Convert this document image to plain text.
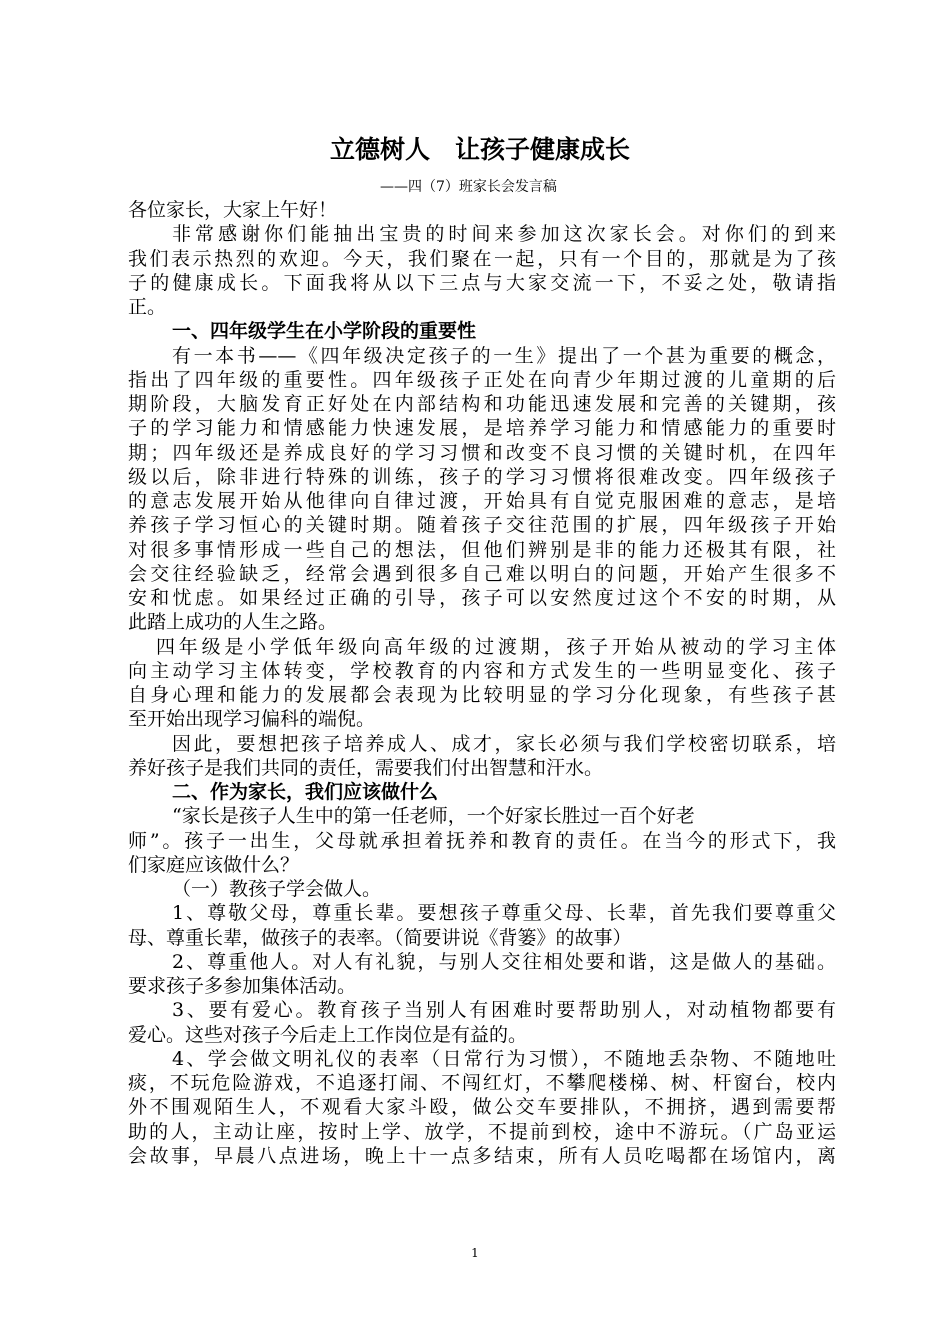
立德树人　让孩子健康成长
——四（7）班家长会发言稿
各位家长，大家上午好！
非常感谢你们能抽出宝贵的时间来参加这次家长会。对你们的到来
我们表示热烈的欢迎。今天，我们聚在一起，只有一个目的，那就是为了孩
子的健康成长。下面我将从以下三点与大家交流一下，不妥之处，敬请指
正。
一、四年级学生在小学阶段的重要性
有一本书——《四年级决定孩子的一生》提出了一个甚为重要的概念，
指出了四年级的重要性。四年级孩子正处在向青少年期过渡的儿童期的后
期阶段，大脑发育正好处在内部结构和功能迅速发展和完善的关键期，孩
子的学习能力和情感能力快速发展，是培养学习能力和情感能力的重要时
期；四年级还是养成良好的学习习惯和改变不良习惯的关键时机，在四年
级以后，除非进行特殊的训练，孩子的学习习惯将很难改变。四年级孩子
的意志发展开始从他律向自律过渡，开始具有自觉克服困难的意志，是培
养孩子学习恒心的关键时期。随着孩子交往范围的扩展，四年级孩子开始
对很多事情形成一些自己的想法，但他们辨别是非的能力还极其有限，社
会交往经验缺乏，经常会遇到很多自己难以明白的问题，开始产生很多不
安和忧虑。如果经过正确的引导，孩子可以安然度过这个不安的时期，从
此踏上成功的人生之路。
四年级是小学低年级向高年级的过渡期，孩子开始从被动的学习主体
向主动学习主体转变，学校教育的内容和方式发生的一些明显变化、孩子
自身心理和能力的发展都会表现为比较明显的学习分化现象，有些孩子甚
至开始出现学习偏科的端倪。
因此，要想把孩子培养成人、成才，家长必须与我们学校密切联系，培
养好孩子是我们共同的责任，需要我们付出智慧和汗水。
二、作为家长，我们应该做什么
“家长是孩子人生中的第一任老师，一个好家长胜过一百个好老
师”。孩子一出生，父母就承担着抚养和教育的责任。在当今的形式下，我
们家庭应该做什么？
（一）教孩子学会做人。
1、尊敬父母，尊重长辈。要想孩子尊重父母、长辈，首先我们要尊重父
母、尊重长辈，做孩子的表率。（简要讲说《背篓》的故事）
2、尊重他人。对人有礼貌，与别人交往相处要和谐，这是做人的基础。
要求孩子多参加集体活动。
3、要有爱心。教育孩子当别人有困难时要帮助别人，对动植物都要有
爱心。这些对孩子今后走上工作岗位是有益的。
4、学会做文明礼仪的表率（日常行为习惯），不随地丢杂物、不随地吐
痰，不玩危险游戏，不追逐打闹、不闯红灯，不攀爬楼梯、树、杆窗台，校内
外不围观陌生人，不观看大家斗殴，做公交车要排队，不拥挤，遇到需要帮
助的人，主动让座，按时上学、放学，不提前到校，途中不游玩。（广岛亚运
会故事，早晨八点进场，晚上十一点多结束，所有人员吃喝都在场馆内，离
1
